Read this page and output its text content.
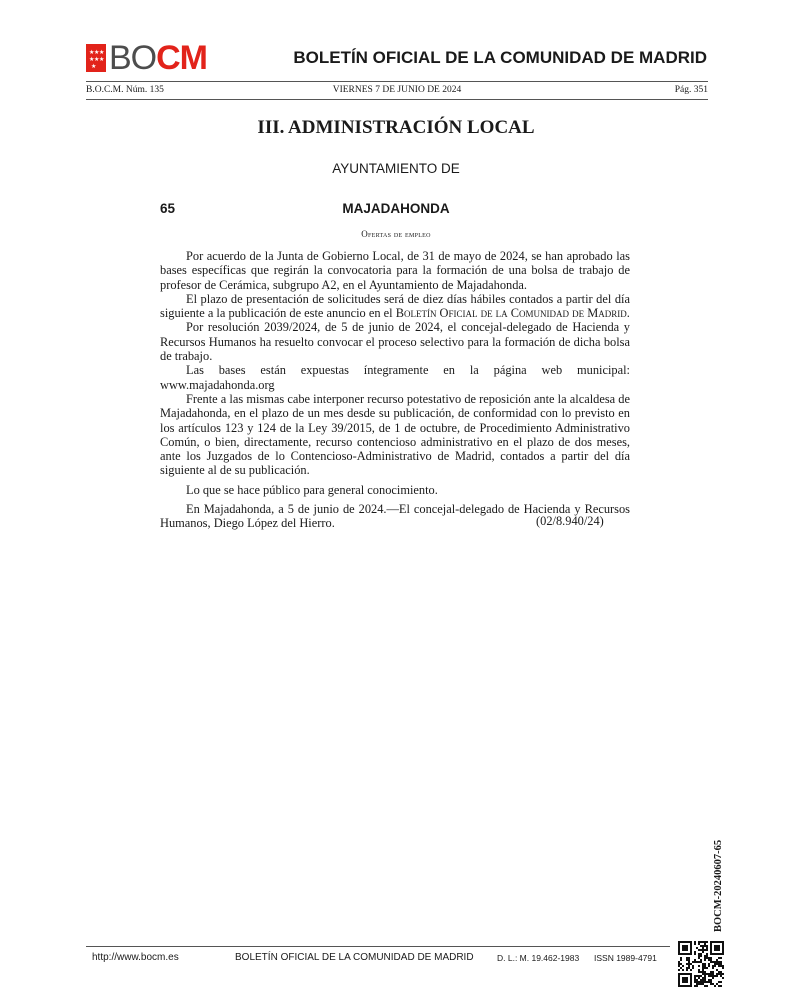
★ ★ ★
★ ★ ★
★ BO CM	BOLETÍN OFICIAL DE LA COMUNIDAD DE MADRID
B.O.C.M. Núm. 135	VIERNES 7 DE JUNIO DE 2024	Pág. 351
III. ADMINISTRACIÓN LOCAL
AYUNTAMIENTO DE
65	MAJADAHONDA
Ofertas de empleo

Por acuerdo de la Junta de Gobierno Local, de 31 de mayo de 2024, se han aprobado las bases específicas que regirán la convocatoria para la formación de una bolsa de trabajo de profesor de Cerámica, subgrupo A2, en el Ayuntamiento de Majadahonda.

El plazo de presentación de solicitudes será de diez días hábiles contados a partir del día siguiente a la publicación de este anuncio en el Boletín Oficial de la Comunidad de Madrid.

Por resolución 2039/2024, de 5 de junio de 2024, el concejal-delegado de Hacienda y Recursos Humanos ha resuelto convocar el proceso selectivo para la formación de dicha bolsa de trabajo.

Las bases están expuestas íntegramente en la página web municipal: www.majadahonda.org

Frente a las mismas cabe interponer recurso potestativo de reposición ante la alcaldesa de Majadahonda, en el plazo de un mes desde su publicación, de conformidad con lo previsto en los artículos 123 y 124 de la Ley 39/2015, de 1 de octubre, de Procedimiento Administrativo Común, o bien, directamente, recurso contencioso administrativo en el plazo de dos meses, ante los Juzgados de lo Contencioso-Administrativo de Madrid, contados a partir del día siguiente al de su publicación.

Lo que se hace público para general conocimiento.

En Majadahonda, a 5 de junio de 2024.—El concejal-delegado de Hacienda y Recursos Humanos, Diego López del Hierro.	(02/8.940/24)
BOCM-20240607-65
http://www.bocm.es	BOLETÍN OFICIAL DE LA COMUNIDAD DE MADRID	D. L.: M. 19.462-1983 ISSN 1989-4791
